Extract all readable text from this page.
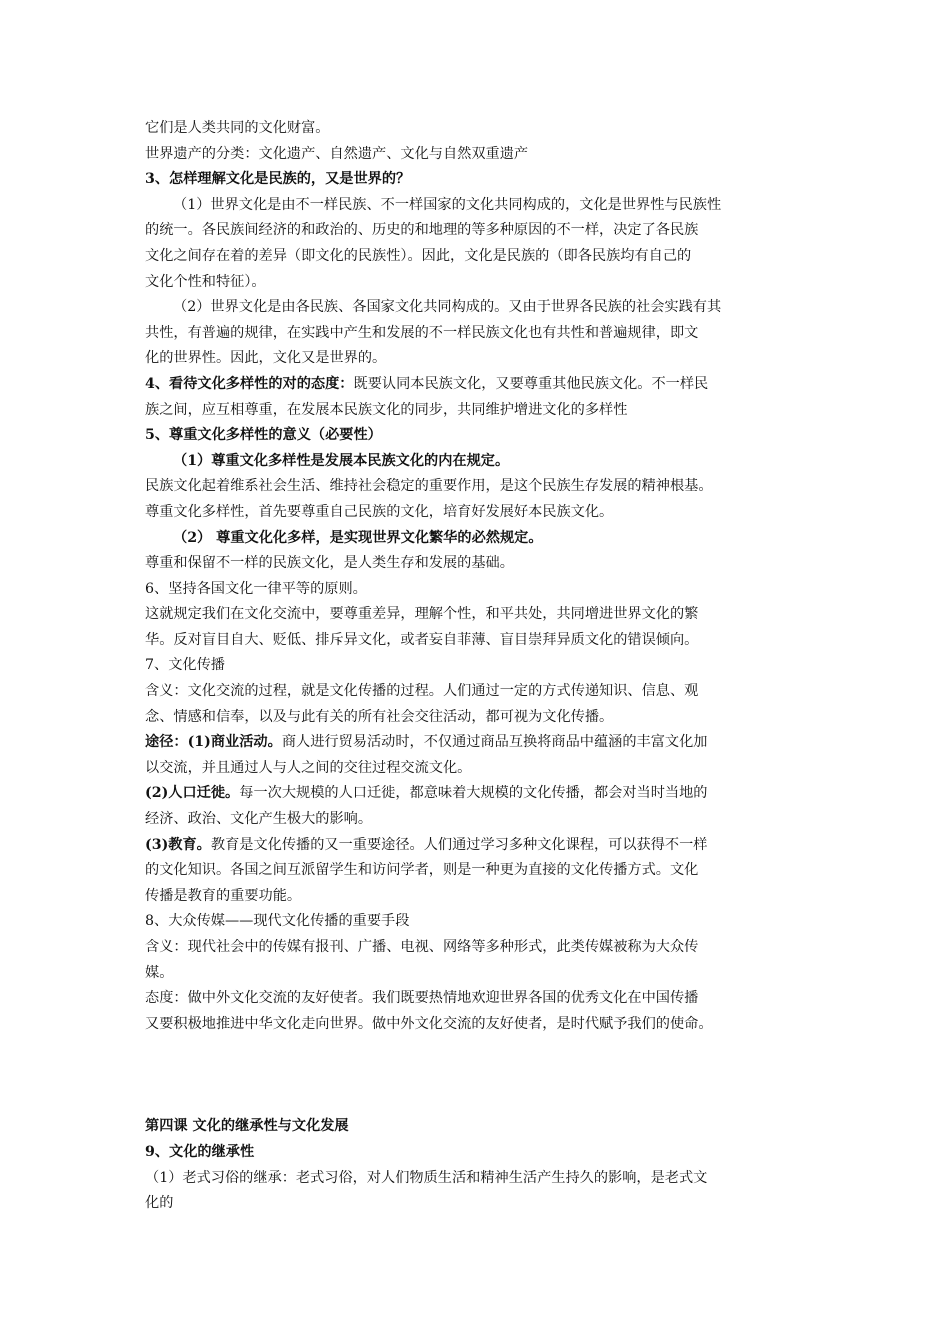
它们是人类共同的文化财富。
世界遗产的分类：文化遗产、自然遗产、文化与自然双重遗产
3、怎样理解文化是民族的，又是世界的？
（1）世界文化是由不一样民族、不一样国家的文化共同构成的，文化是世界性与民族性
的统一。各民族间经济的和政治的、历史的和地理的等多种原因的不一样，决定了各民族
文化之间存在着的差异（即文化的民族性）。因此，文化是民族的（即各民族均有自己的
文化个性和特征）。
（2）世界文化是由各民族、各国家文化共同构成的。又由于世界各民族的社会实践有其
共性，有普遍的规律，在实践中产生和发展的不一样民族文化也有共性和普遍规律，即文
化的世界性。因此，文化又是世界的。
4、看待文化多样性的对的态度：既要认同本民族文化，又要尊重其他民族文化。不一样民
族之间，应互相尊重，在发展本民族文化的同步，共同维护增进文化的多样性
5、尊重文化多样性的意义（必要性）
（1）尊重文化多样性是发展本民族文化的内在规定。
民族文化起着维系社会生活、维持社会稳定的重要作用，是这个民族生存发展的精神根基。
尊重文化多样性，首先要尊重自己民族的文化，培育好发展好本民族文化。
（2） 尊重文化化多样，是实现世界文化繁华的必然规定。
尊重和保留不一样的民族文化，是人类生存和发展的基础。
6、坚持各国文化一律平等的原则。
这就规定我们在文化交流中，要尊重差异，理解个性，和平共处，共同增进世界文化的繁
华。反对盲目自大、贬低、排斥异文化，或者妄自菲薄、盲目崇拜异质文化的错误倾向。
7、文化传播
含义：文化交流的过程，就是文化传播的过程。人们通过一定的方式传递知识、信息、观
念、情感和信奉，以及与此有关的所有社会交往活动，都可视为文化传播。
途径：(1)商业活动。商人进行贸易活动时，不仅通过商品互换将商品中蕴涵的丰富文化加
以交流，并且通过人与人之间的交往过程交流文化。
(2)人口迁徙。每一次大规模的人口迁徙，都意味着大规模的文化传播，都会对当时当地的
经济、政治、文化产生极大的影响。
(3)教育。教育是文化传播的又一重要途径。人们通过学习多种文化课程，可以获得不一样
的文化知识。各国之间互派留学生和访问学者，则是一种更为直接的文化传播方式。文化
传播是教育的重要功能。
8、大众传媒——现代文化传播的重要手段
含义：现代社会中的传媒有报刊、广播、电视、网络等多种形式，此类传媒被称为大众传
媒。
态度：做中外文化交流的友好使者。我们既要热情地欢迎世界各国的优秀文化在中国传播
又要积极地推进中华文化走向世界。做中外文化交流的友好使者，是时代赋予我们的使命。
第四课 文化的继承性与文化发展
9、文化的继承性
（1）老式习俗的继承：老式习俗，对人们物质生活和精神生活产生持久的影响，是老式文
化的
